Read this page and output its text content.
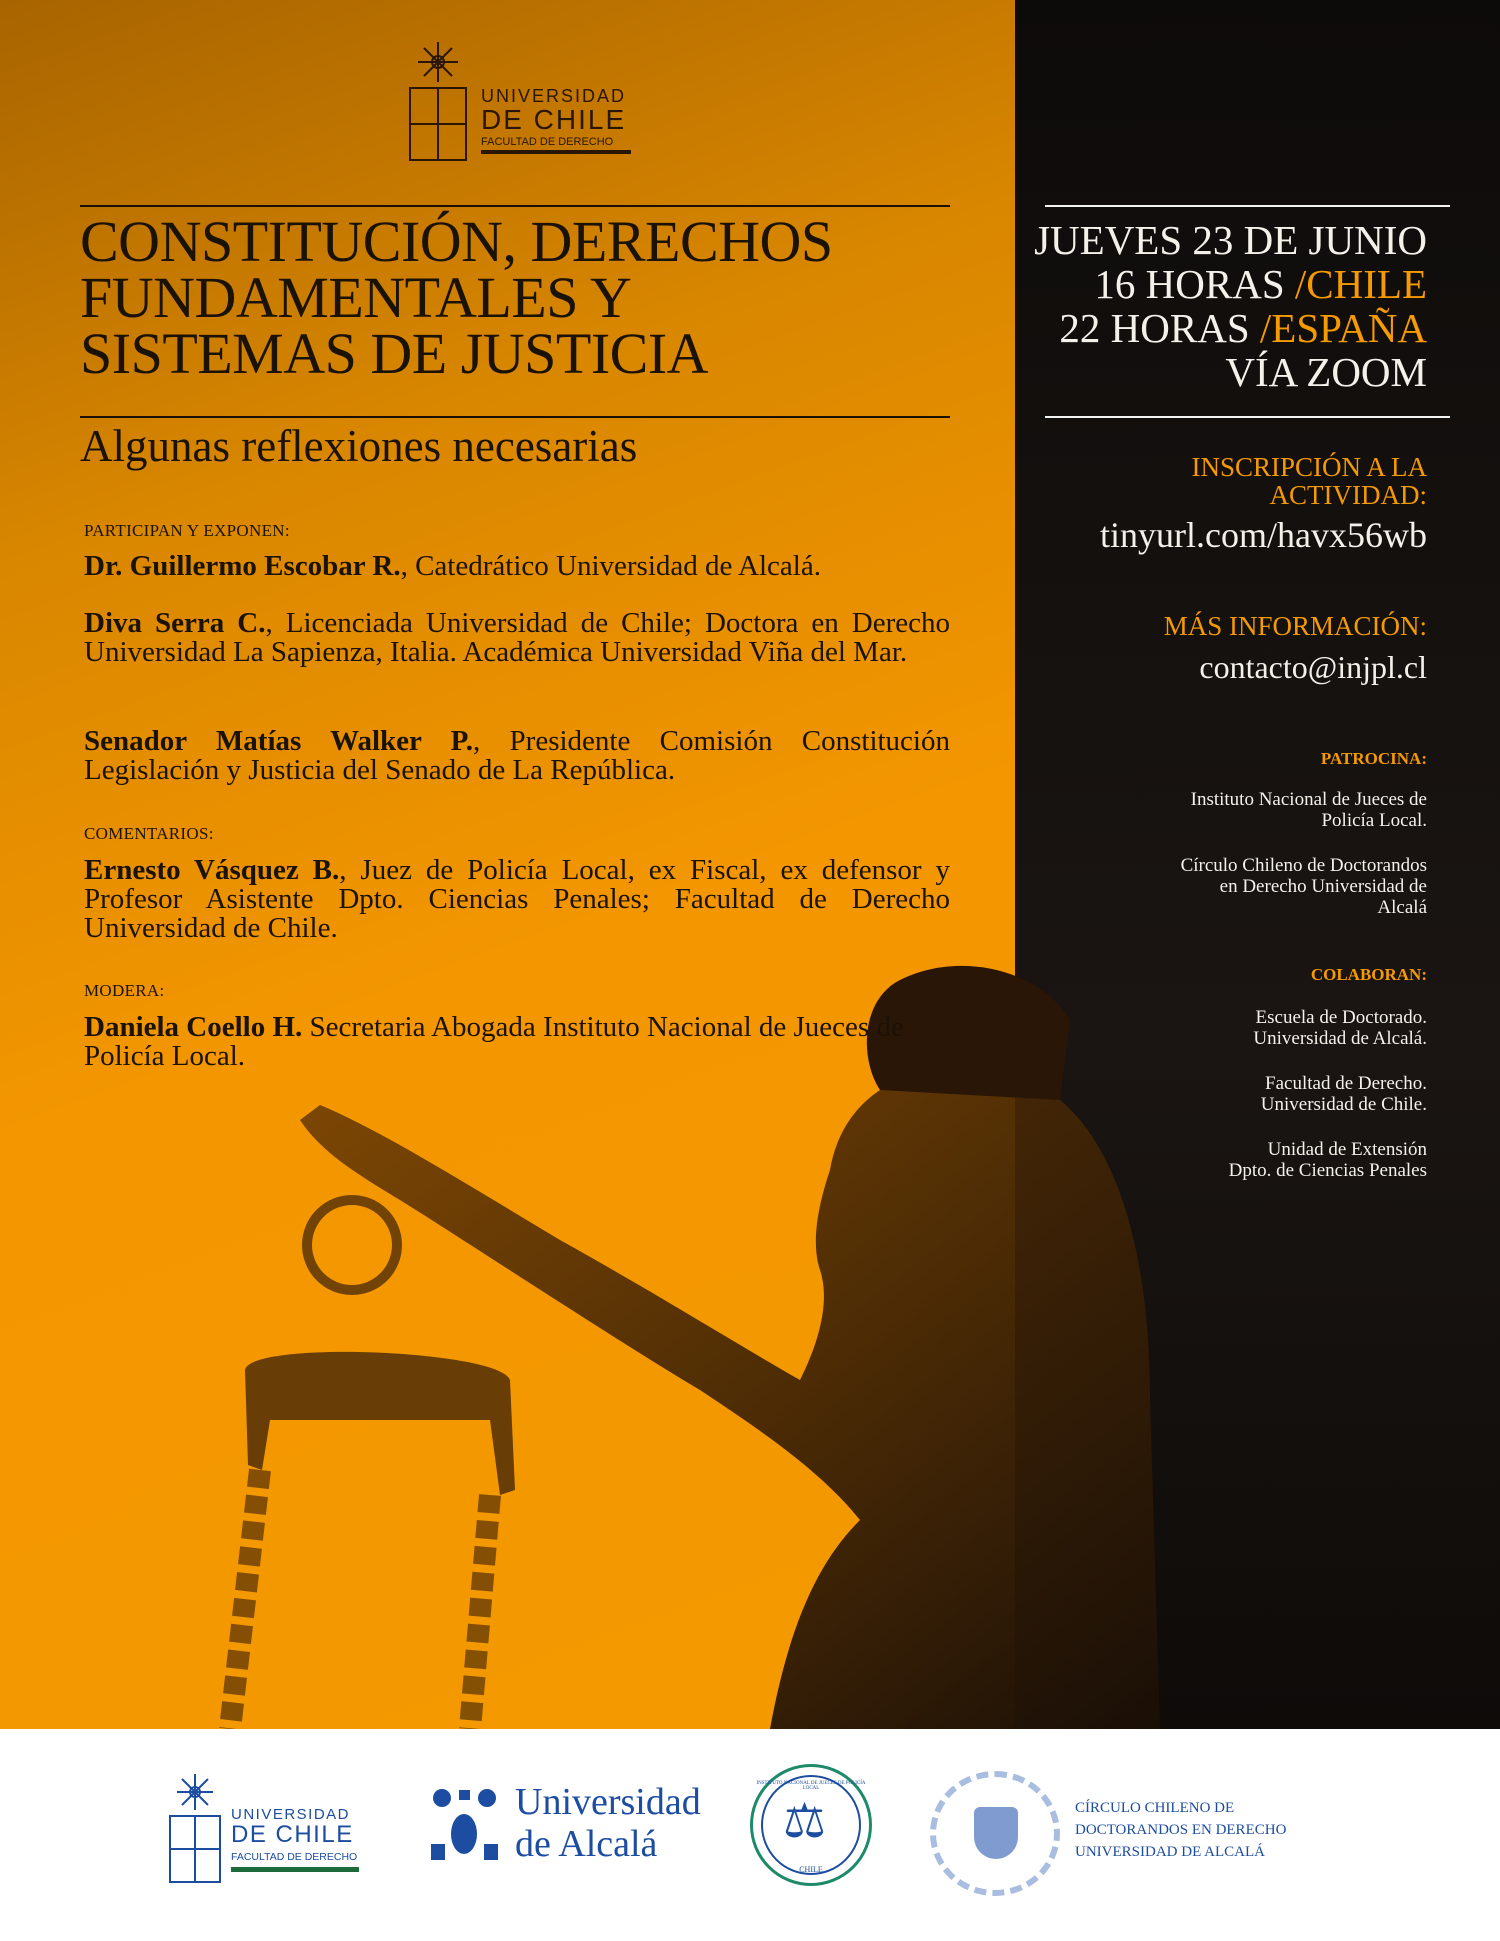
UNIVERSIDAD
DE CHILE
FACULTAD DE DERECHO
CONSTITUCIÓN, DERECHOS
FUNDAMENTALES Y
SISTEMAS DE JUSTICIA
Algunas reflexiones necesarias
PARTICIPAN Y EXPONEN:
Dr. Guillermo Escobar R., Catedrático Universidad de Alcalá.
Diva Serra C., Licenciada Universidad de Chile; Doctora en Derecho Universidad La Sapienza, Italia. Académica Universidad Viña del Mar.
Senador Matías Walker P., Presidente Comisión Constitución Legislación y Justicia del Senado de La República.
COMENTARIOS:
Ernesto Vásquez B., Juez de Policía Local, ex Fiscal, ex defensor y Profesor Asistente Dpto. Ciencias Penales; Facultad de Derecho Universidad de Chile.
MODERA:
Daniela Coello H. Secretaria Abogada Instituto Nacional de Jueces de Policía Local.
JUEVES 23 DE JUNIO
16 HORAS /CHILE
22 HORAS /ESPAÑA
VÍA ZOOM
INSCRIPCIÓN A LA
ACTIVIDAD:
tinyurl.com/havx56wb
MÁS INFORMACIÓN:
contacto@injpl.cl
PATROCINA:
Instituto Nacional de Jueces de
Policía Local.
Círculo Chileno de Doctorandos
en Derecho Universidad de
Alcalá
COLABORAN:
Escuela de Doctorado.
Universidad de Alcalá.
Facultad de Derecho.
Universidad de Chile.
Unidad de Extensión
Dpto. de Ciencias Penales
UNIVERSIDAD
DE CHILE
FACULTAD DE DERECHO
Universidad
de Alcalá
INSTITUTO NACIONAL DE JUECES DE POLICÍA LOCAL
⚖
CHILE
CÍRCULO CHILENO DE
DOCTORANDOS EN DERECHO
UNIVERSIDAD DE ALCALÁ
